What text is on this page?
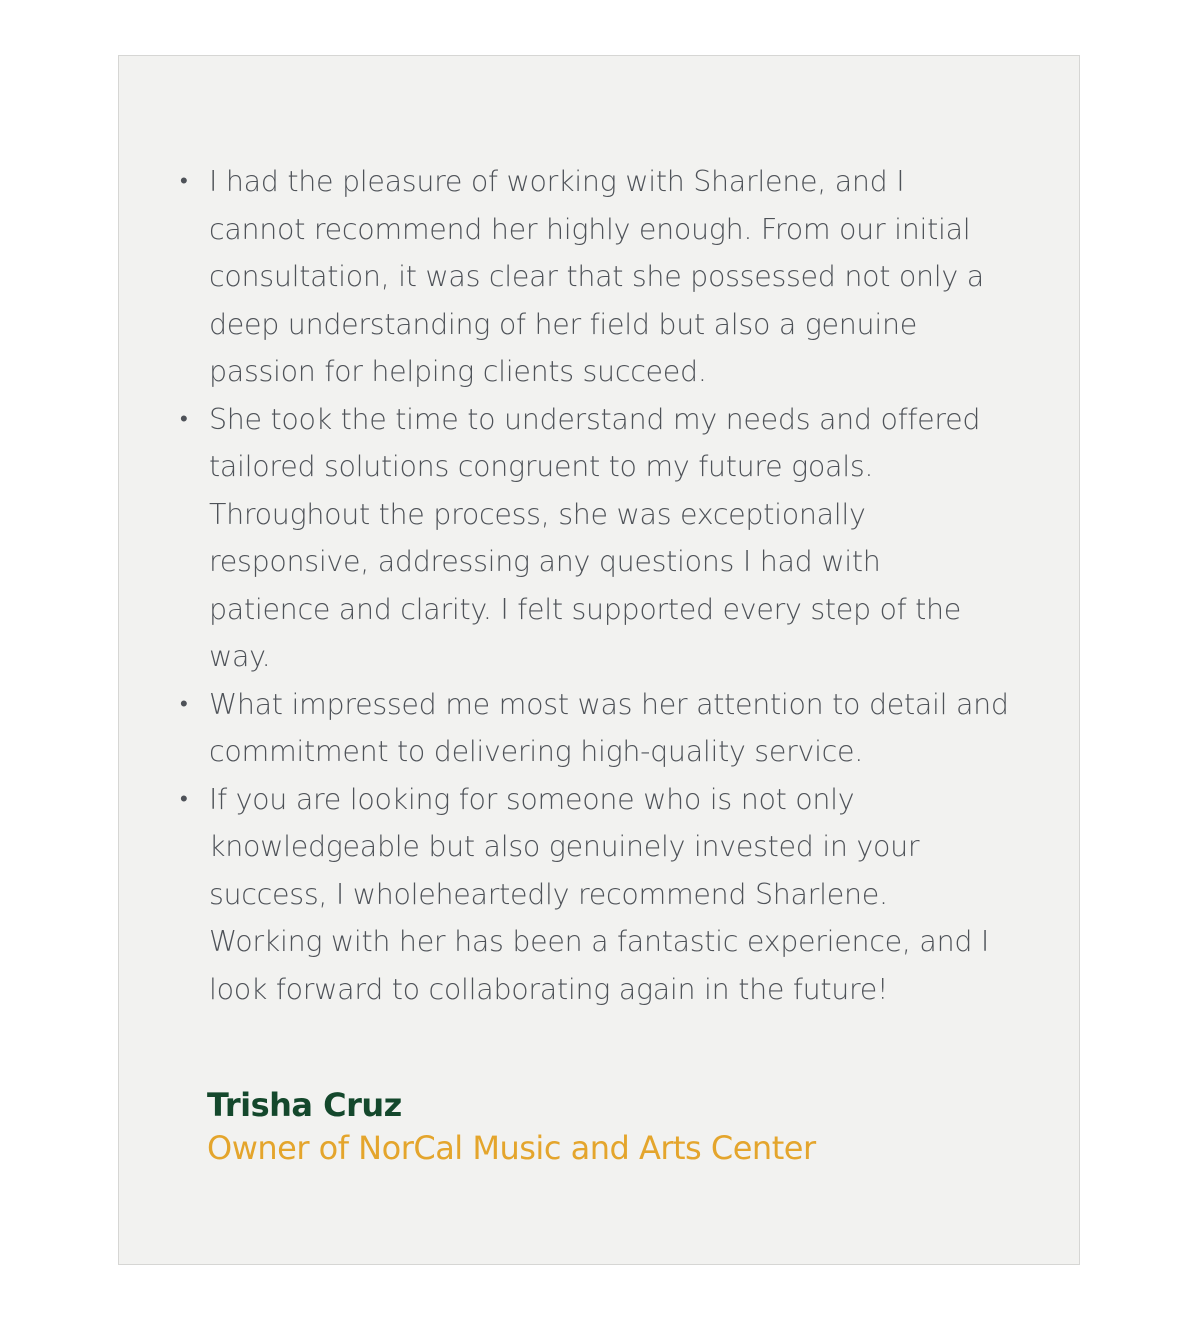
• I had the pleasure of working with Sharlene, and I cannot recommend her highly enough. From our initial consultation, it was clear that she possessed not only a deep understanding of her field but also a genuine passion for helping clients succeed.
• She took the time to understand my needs and offered tailored solutions congruent to my future goals. Throughout the process, she was exceptionally responsive, addressing any questions I had with patience and clarity. I felt supported every step of the way.
• What impressed me most was her attention to detail and commitment to delivering high-quality service.
• If you are looking for someone who is not only knowledgeable but also genuinely invested in your success, I wholeheartedly recommend Sharlene. Working with her has been a fantastic experience, and I look forward to collaborating again in the future!

Trisha Cruz

Owner of NorCal Music and Arts Center
